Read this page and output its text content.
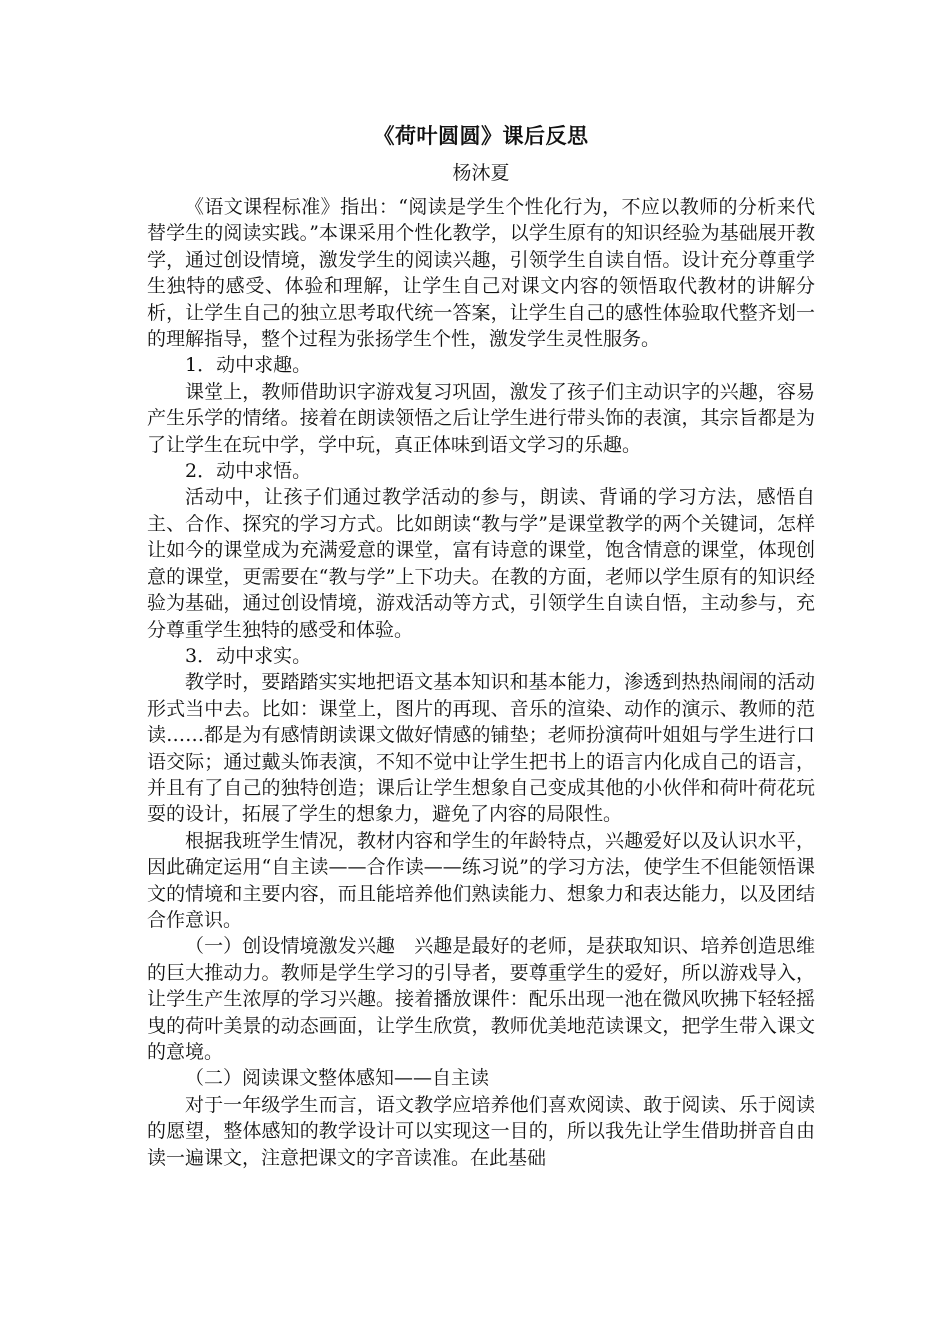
《荷叶圆圆》课后反思
杨沐夏

《语文课程标准》指出：“阅读是学生个性化行为，不应以教师的分析来代替学生的阅读实践。”本课采用个性化教学，以学生原有的知识经验为基础展开教学，通过创设情境，激发学生的阅读兴趣，引领学生自读自悟。设计充分尊重学生独特的感受、体验和理解，让学生自己对课文内容的领悟取代教材的讲解分析，让学生自己的独立思考取代统一答案，让学生自己的感性体验取代整齐划一的理解指导，整个过程为张扬学生个性，激发学生灵性服务。

1．动中求趣。

课堂上，教师借助识字游戏复习巩固，激发了孩子们主动识字的兴趣，容易产生乐学的情绪。接着在朗读领悟之后让学生进行带头饰的表演，其宗旨都是为了让学生在玩中学，学中玩，真正体味到语文学习的乐趣。

2．动中求悟。

活动中，让孩子们通过教学活动的参与，朗读、背诵的学习方法，感悟自主、合作、探究的学习方式。比如朗读“教与学”是课堂教学的两个关键词，怎样让如今的课堂成为充满爱意的课堂，富有诗意的课堂，饱含情意的课堂，体现创意的课堂，更需要在“教与学”上下功夫。在教的方面，老师以学生原有的知识经验为基础，通过创设情境，游戏活动等方式，引领学生自读自悟，主动参与，充分尊重学生独特的感受和体验。

3．动中求实。

教学时，要踏踏实实地把语文基本知识和基本能力，渗透到热热闹闹的活动形式当中去。比如：课堂上，图片的再现、音乐的渲染、动作的演示、教师的范读……都是为有感情朗读课文做好情感的铺垫；老师扮演荷叶姐姐与学生进行口语交际；通过戴头饰表演，不知不觉中让学生把书上的语言内化成自己的语言，并且有了自己的独特创造；课后让学生想象自己变成其他的小伙伴和荷叶荷花玩耍的设计，拓展了学生的想象力，避免了内容的局限性。

根据我班学生情况，教材内容和学生的年龄特点，兴趣爱好以及认识水平，因此确定运用“自主读——合作读——练习说”的学习方法，使学生不但能领悟课文的情境和主要内容，而且能培养他们熟读能力、想象力和表达能力，以及团结合作意识。

（一）创设情境激发兴趣　兴趣是最好的老师，是获取知识、培养创造思维的巨大推动力。教师是学生学习的引导者，要尊重学生的爱好，所以游戏导入，让学生产生浓厚的学习兴趣。接着播放课件：配乐出现一池在微风吹拂下轻轻摇曳的荷叶美景的动态画面，让学生欣赏，教师优美地范读课文，把学生带入课文的意境。

（二）阅读课文整体感知——自主读

对于一年级学生而言，语文教学应培养他们喜欢阅读、敢于阅读、乐于阅读的愿望，整体感知的教学设计可以实现这一目的，所以我先让学生借助拼音自由读一遍课文，注意把课文的字音读准。在此基础
